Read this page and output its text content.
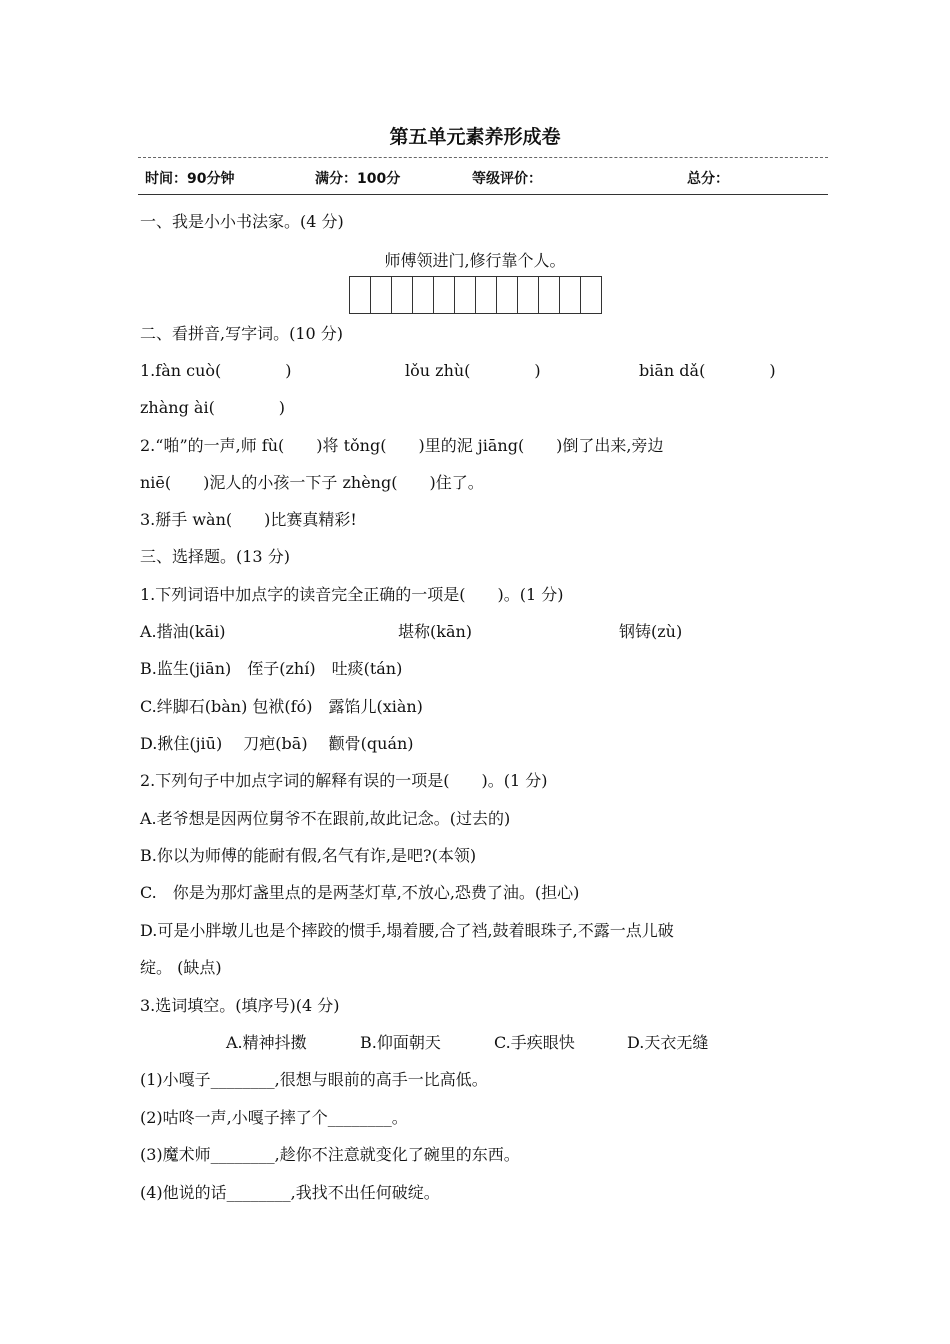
第五单元素养形成卷
时间：90分钟	满分：100分	等级评价：	总分：
一、我是小小书法家。(4 分)
师傅领进门,修行靠个人。
二、看拼音,写字词。(10 分)
1.fàn cuò(　　　　)	lǒu zhù(　　　　)	biān dǎ(　　　　)
zhàng ài(　　　　)
2.“啪”的一声,师 fù(　　)将 tǒng(　　)里的泥 jiāng(　　)倒了出来,旁边
niē(　　)泥人的小孩一下子 zhèng(　　)住了。
3.掰手 wàn(　　)比赛真精彩!
三、选择题。(13 分)
1.下列词语中加点字的读音完全正确的一项是(　　)。(1 分)
A.揩油(kāi)	堪称(kān)	钢铸(zù)
B.监生(jiān)　侄子(zhí)　吐痰(tán)
C.绊脚石(bàn) 包袱(fó)　露馅儿(xiàn)
D.揪住(jiū)　 刀疤(bā)　 颧骨(quán)
2.下列句子中加点字词的解释有误的一项是(　　)。(1 分)
A.老爷想是因两位舅爷不在跟前,故此记念。(过去的)
B.你以为师傅的能耐有假,名气有诈,是吧?(本领)
C.　你是为那灯盏里点的是两茎灯草,不放心,恐费了油。(担心)
D.可是小胖墩儿也是个摔跤的惯手,塌着腰,合了裆,鼓着眼珠子,不露一点儿破
绽。 (缺点)
3.选词填空。(填序号)(4 分)
A.精神抖擞	B.仰面朝天	C.手疾眼快	D.天衣无缝
(1)小嘎子________,很想与眼前的高手一比高低。
(2)咕咚一声,小嘎子摔了个________。
(3)魔术师________,趁你不注意就变化了碗里的东西。
(4)他说的话________,我找不出任何破绽。
